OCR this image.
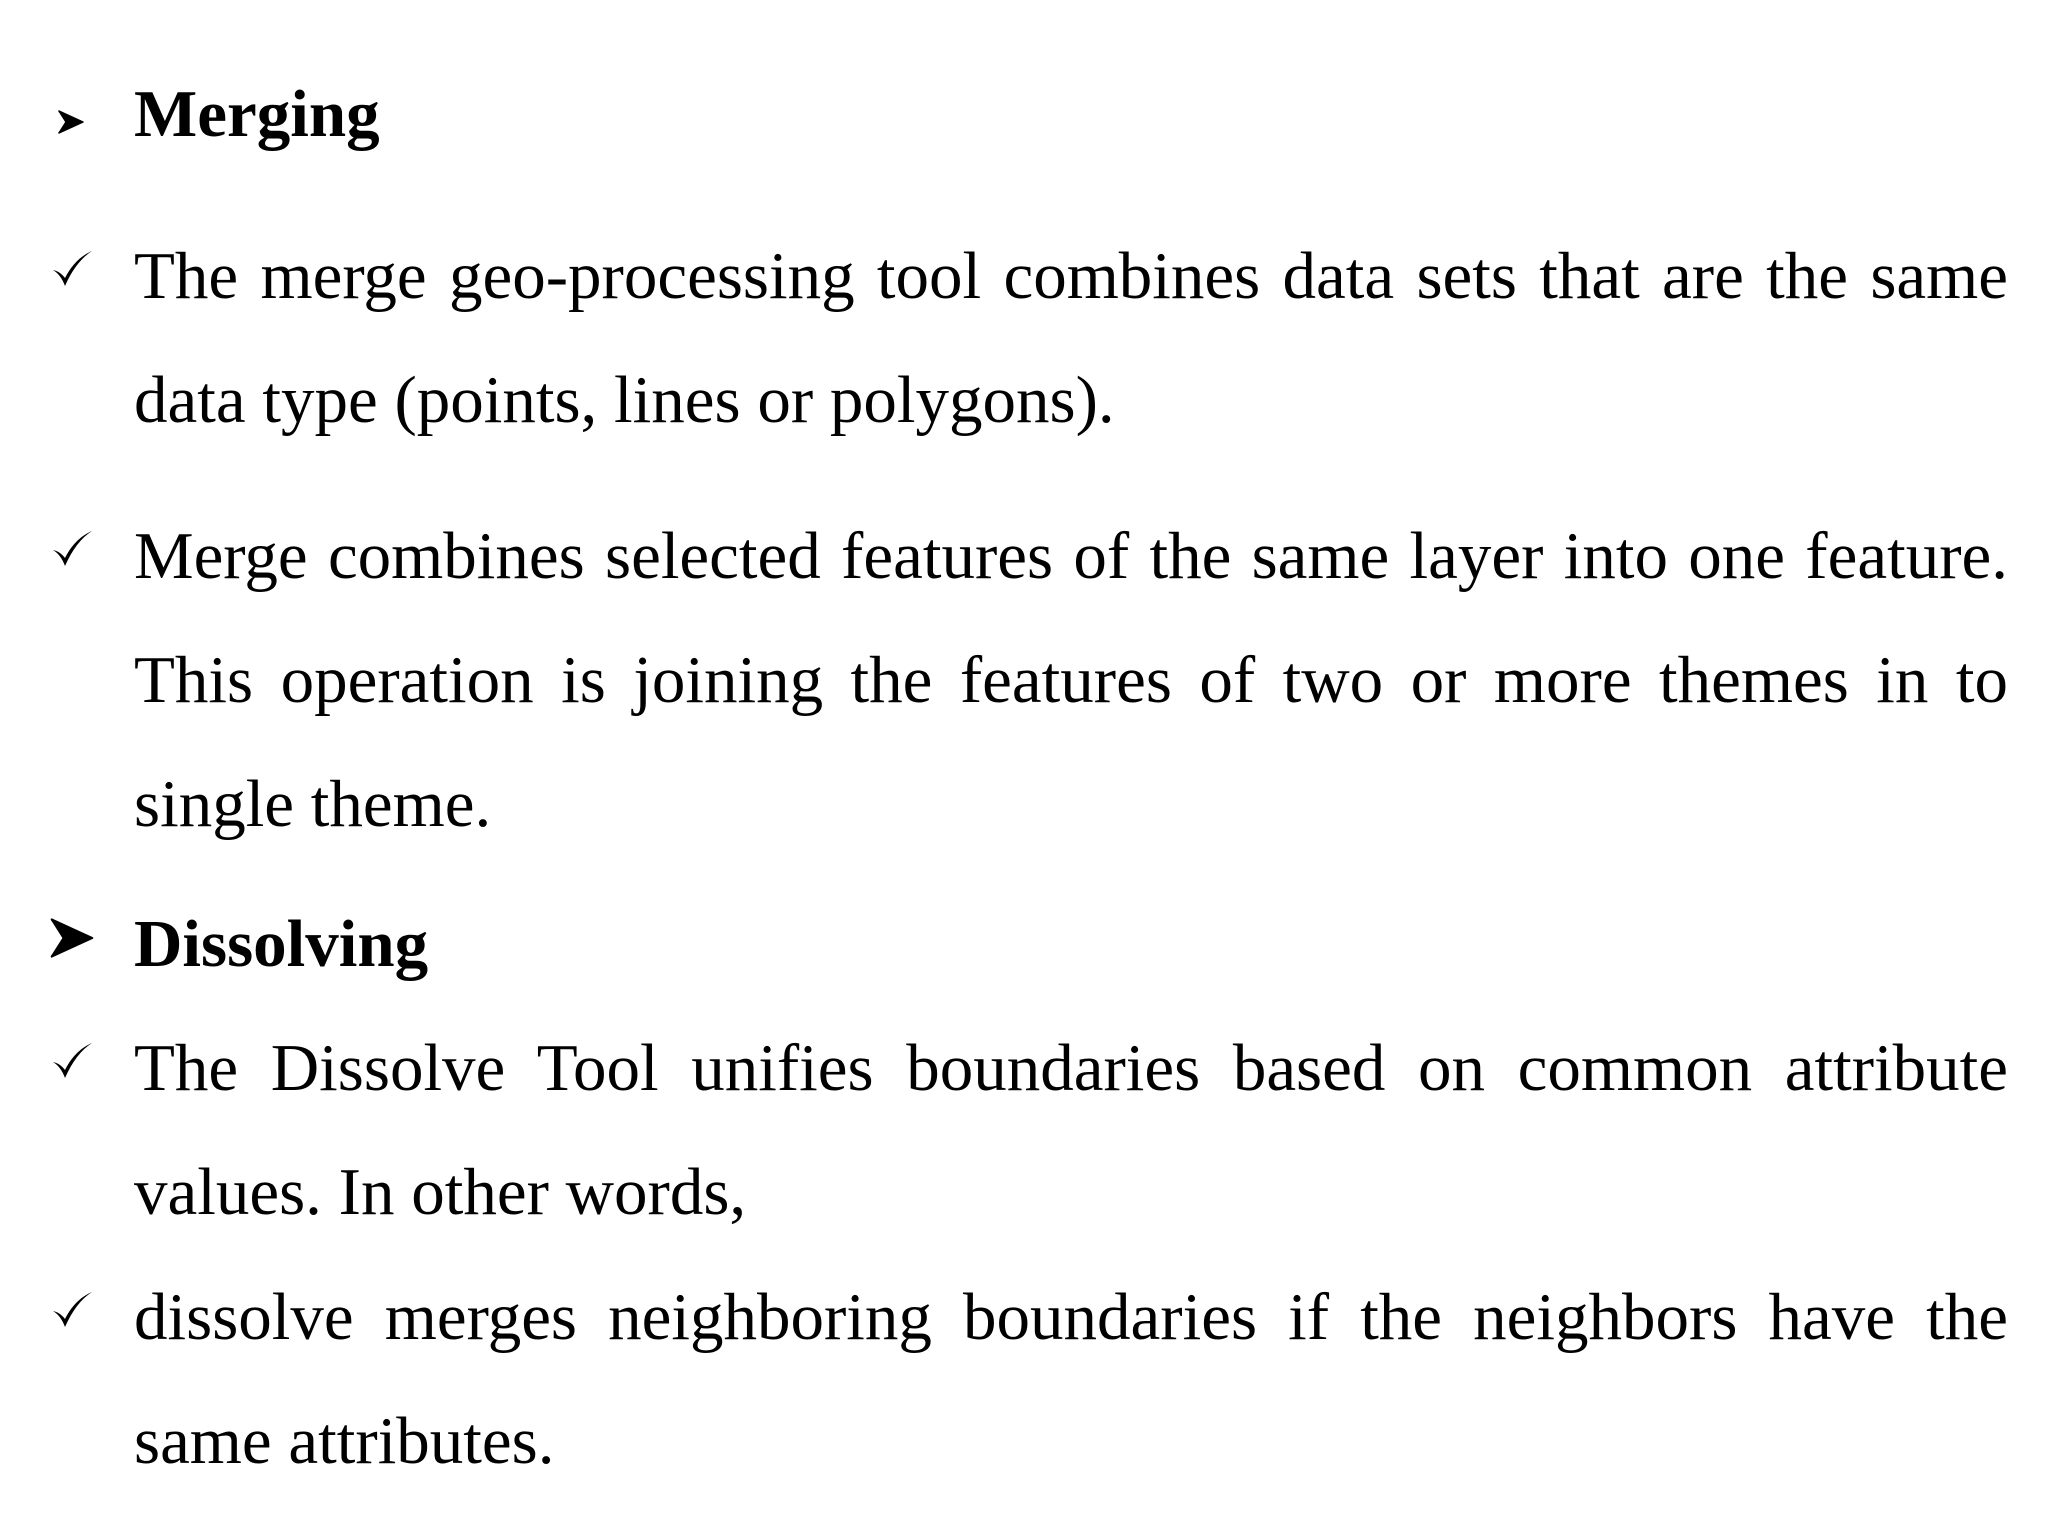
Merging
The merge geo-processing tool combines data sets that are the same data type (points, lines or polygons).
Merge combines selected features of the same layer into one feature. This operation is joining the features of two or more themes in to single theme.
Dissolving
The Dissolve Tool unifies boundaries based on common attribute values. In other words,
dissolve merges neighboring boundaries if the neighbors have the same attributes.
